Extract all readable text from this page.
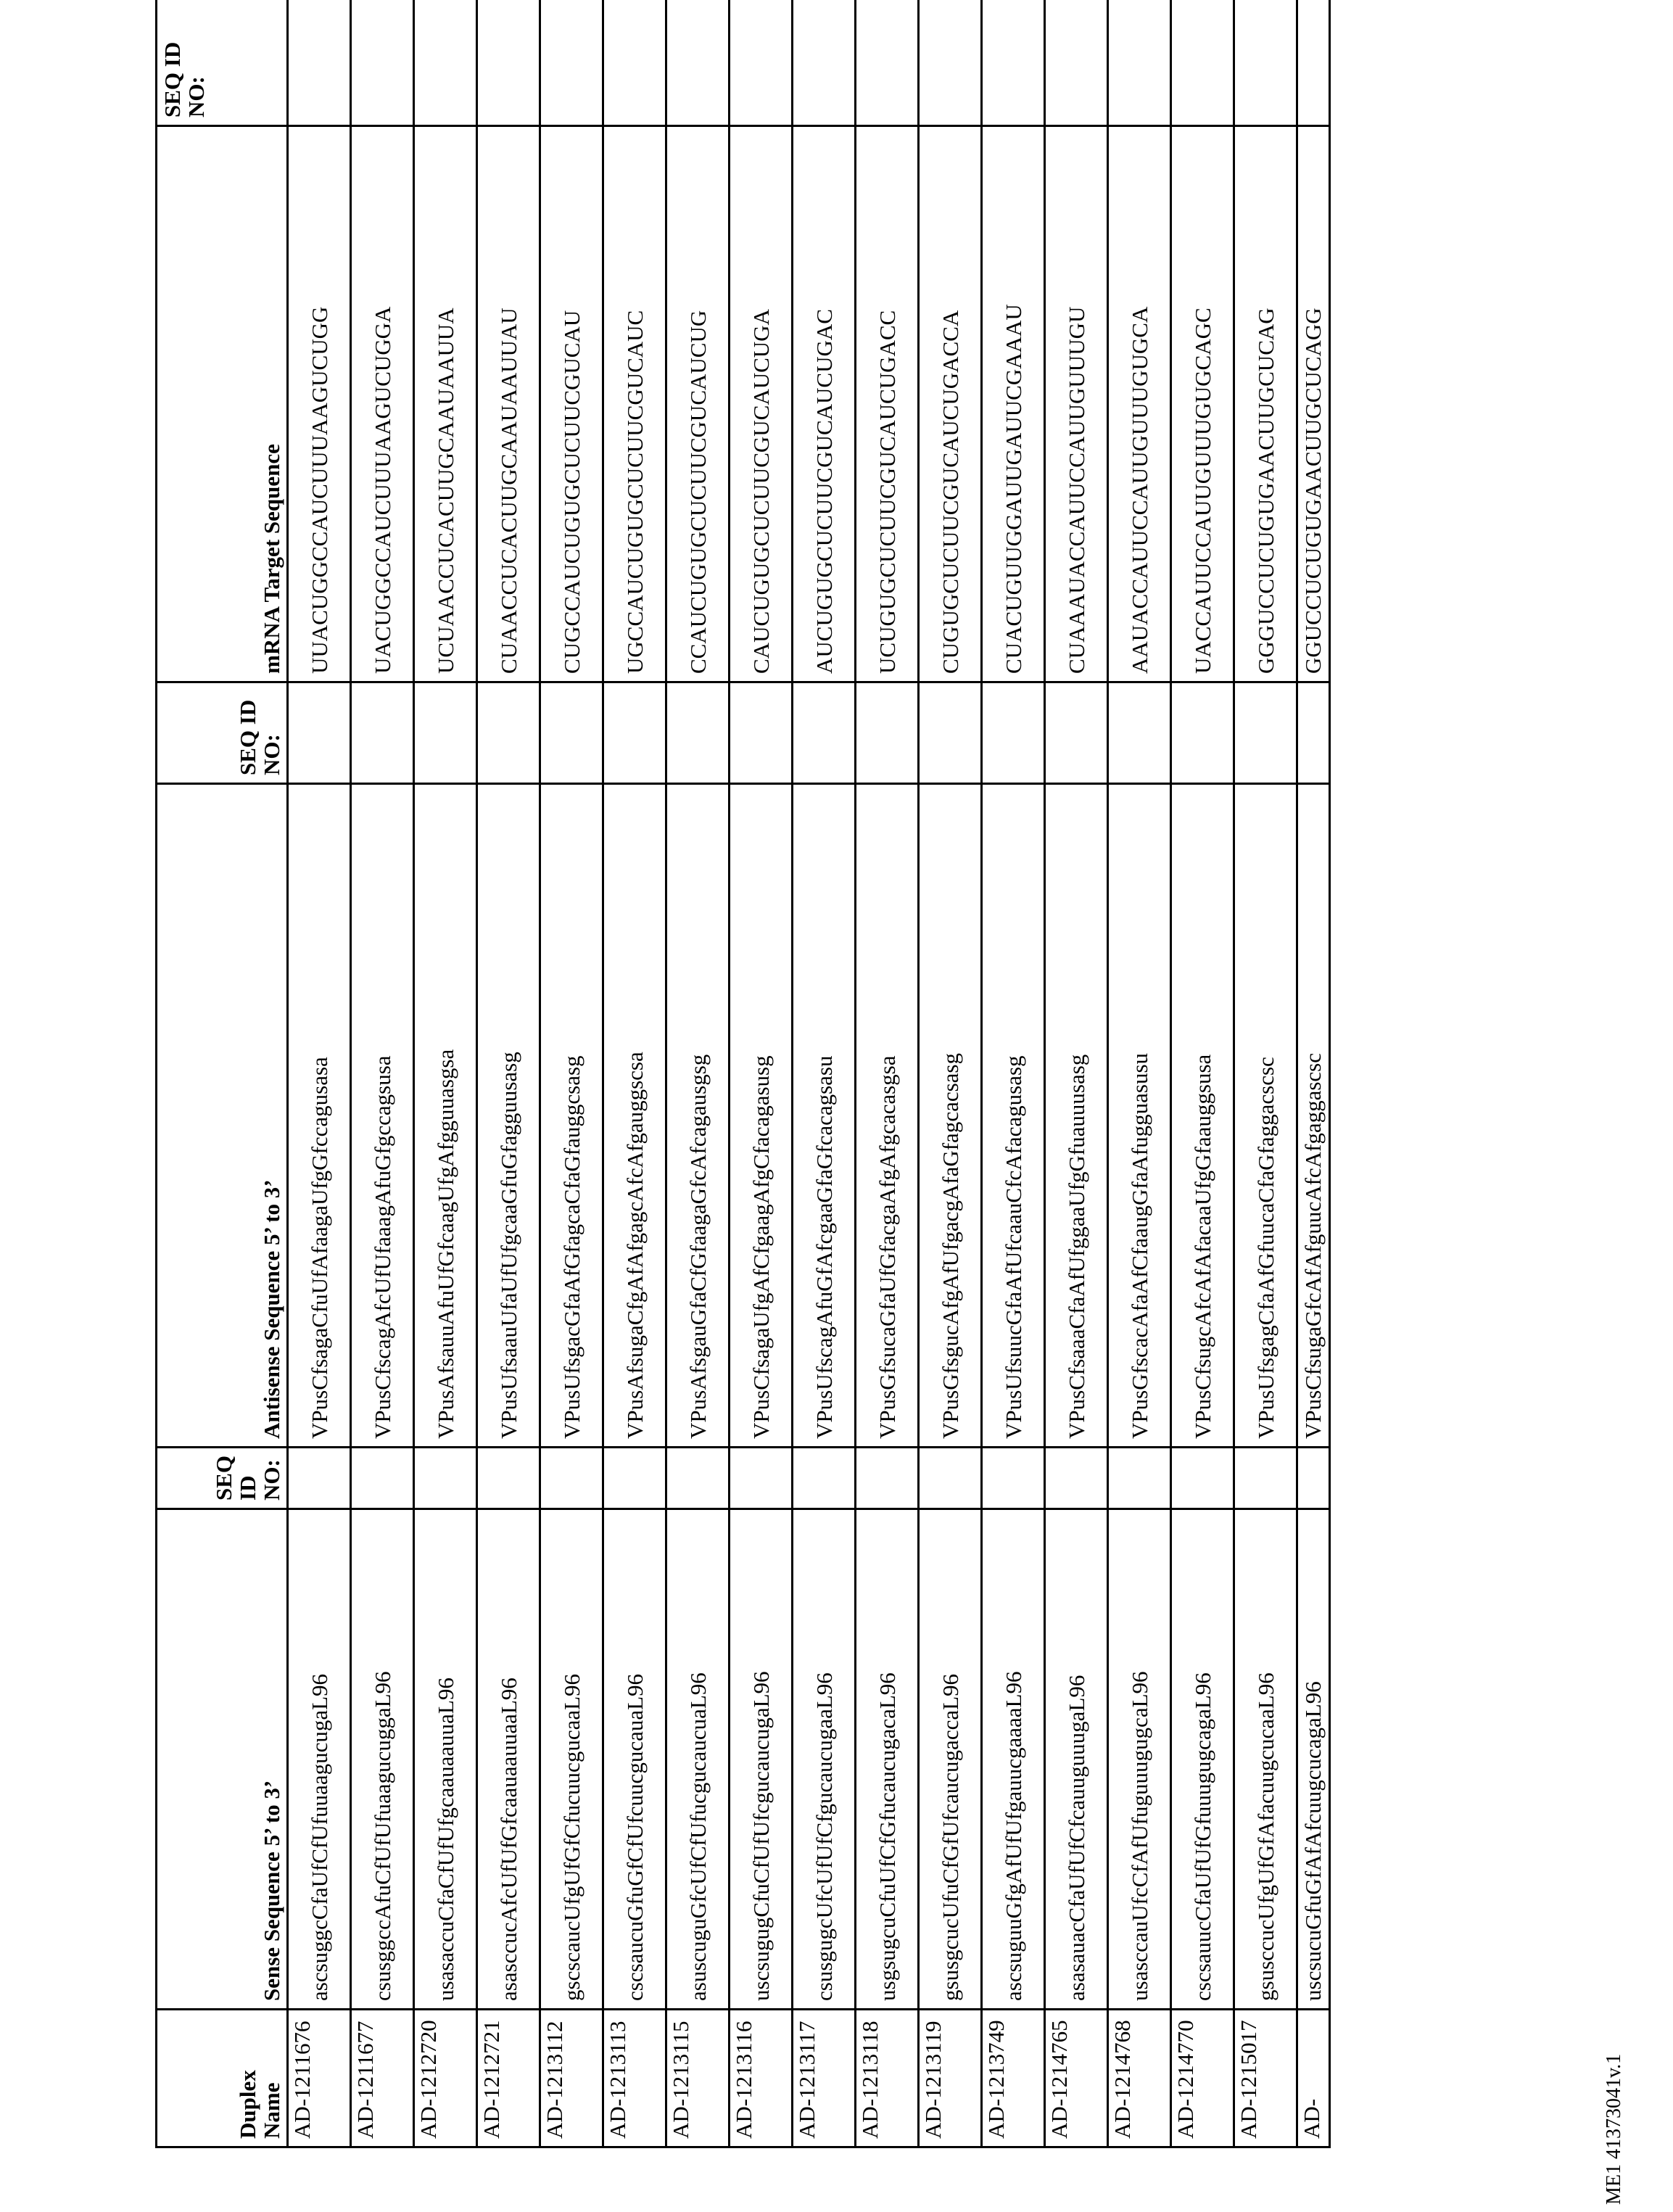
Duplex Name	Sense Sequence 5’ to 3’	SEQ ID NO:	Antisense Sequence 5’ to 3’	SEQ ID NO:	mRNA Target Sequence	SEQ ID NO:
AD-1211676	ascsuggcCfaUfCfUfuuaagucugaL96		VPusCfsagaCfuUfAfaagaUfgGfccagusasa		UUACUGGCCAUCUUUAAGUCUGG	
AD-1211677	csusggccAfuCfUfUfuaagucuggaL96		VPusCfscagAfcUfUfaaagAfuGfgccagsusa		UACUGGCCAUCUUUAAGUCUGGA	
AD-1212720	usasaccuCfaCfUfUfgcaauaauuaL96		VPusAfsauuAfuUfGfcaagUfgAfgguuasgsa		UCUAACCUCACUUGCAAUAAUUA	
AD-1212721	asasccucAfcUfUfGfcaauaauuaaL96		VPusUfsaauUfaUfUfgcaaGfuGfagguusasg		CUAACCUCACUUGCAAUAAUUAU	
AD-1213112	gscscaucUfgUfGfCfucuucgucaaL96		VPusUfsgacGfaAfGfagcaCfaGfauggcsasg		CUGCCAUCUGUGCUCUUCGUCAU	
AD-1213113	cscsaucuGfuGfCfUfcuucgucauaL96		VPusAfsugaCfgAfAfgagcAfcAfgauggscsa		UGCCAUCUGUGCUCUUCGUCAUC	
AD-1213115	asuscuguGfcUfCfUfucgucaucuaL96		VPusAfsgauGfaCfGfaagaGfcAfcagausgsg		CCAUCUGUGCUCUUCGUCAUCUG	
AD-1213116	uscsugugCfuCfUfUfcgucaucugaL96		VPusCfsagaUfgAfCfgaagAfgCfacagasusg		CAUCUGUGCUCUUCGUCAUCUGA	
AD-1213117	csusgugcUfcUfUfCfgucaucugaaL96		VPusUfscagAfuGfAfcgaaGfaGfcacagsasu		AUCUGUGCUCUUCGUCAUCUGAC	
AD-1213118	usgsugcuCfuUfCfGfucaucugacaL96		VPusGfsucaGfaUfGfacgaAfgAfgcacasgsa		UCUGUGCUCUUCGUCAUCUGACC	
AD-1213119	gsusgcucUfuCfGfUfcaucugaccaL96		VPusGfsgucAfgAfUfgacgAfaGfagcacsasg		CUGUGCUCUUCGUCAUCUGACCA	
AD-1213749	ascsuguuGfgAfUfUfgauucgaaaaL96		VPusUfsuucGfaAfUfcaauCfcAfacagusasg		CUACUGUUGGAUUGAUUCGAAAU	
AD-1214765	asasauacCfaUfUfCfcauuguuugaL96		VPusCfsaaaCfaAfUfggaaUfgGfuauuusasg		CUAAAUACCAUUCCAUUGUUUGU	
AD-1214768	usasccauUfcCfAfUfuguuugugcaL96		VPusGfscacAfaAfCfaaugGfaAfugguasusu		AAUACCAUUCCAUUGUUUGUGCA	
AD-1214770	cscsauucCfaUfUfGfuuugugcagaL96		VPusCfsugcAfcAfAfacaaUfgGfaauggsusa		UACCAUUCCAUUGUUUGUGCAGC	
AD-1215017	gsusccucUfgUfGfAfacuugcucaaL96		VPusUfsgagCfaAfGfuucaCfaGfaggacscsc		GGGUCCUCUGUGAACUUGCUCAG	
AD-	uscsucuGfuGfAfAfcuugcucagaL96		VPusCfsugaGfcAfAfguucAfcAfgaggascsc		GGUCCUCUGUGAACUUGCUCAGG	
ME1 41373041v.1
